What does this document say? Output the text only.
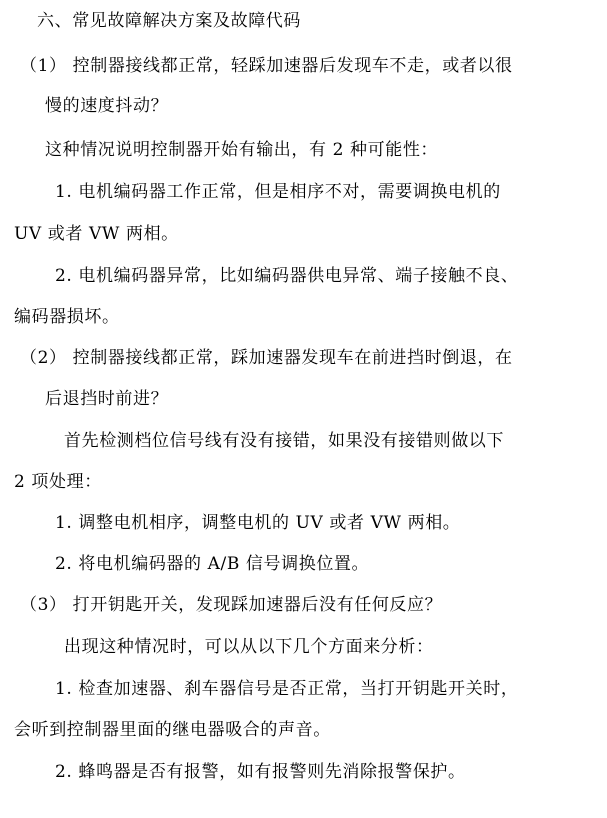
六、常见故障解决方案及故障代码
（1） 控制器接线都正常，轻踩加速器后发现车不走，或者以很
慢的速度抖动？
这种情况说明控制器开始有输出，有 2 种可能性：
1. 电机编码器工作正常，但是相序不对，需要调换电机的
UV 或者 VW 两相。
2. 电机编码器异常，比如编码器供电异常、端子接触不良、
编码器损坏。
（2） 控制器接线都正常，踩加速器发现车在前进挡时倒退，在
后退挡时前进？
首先检测档位信号线有没有接错，如果没有接错则做以下
2 项处理：
1. 调整电机相序，调整电机的 UV 或者 VW 两相。
2. 将电机编码器的 A/B 信号调换位置。
（3） 打开钥匙开关，发现踩加速器后没有任何反应？
出现这种情况时，可以从以下几个方面来分析：
1. 检查加速器、刹车器信号是否正常，当打开钥匙开关时，
会听到控制器里面的继电器吸合的声音。
2. 蜂鸣器是否有报警，如有报警则先消除报警保护。
